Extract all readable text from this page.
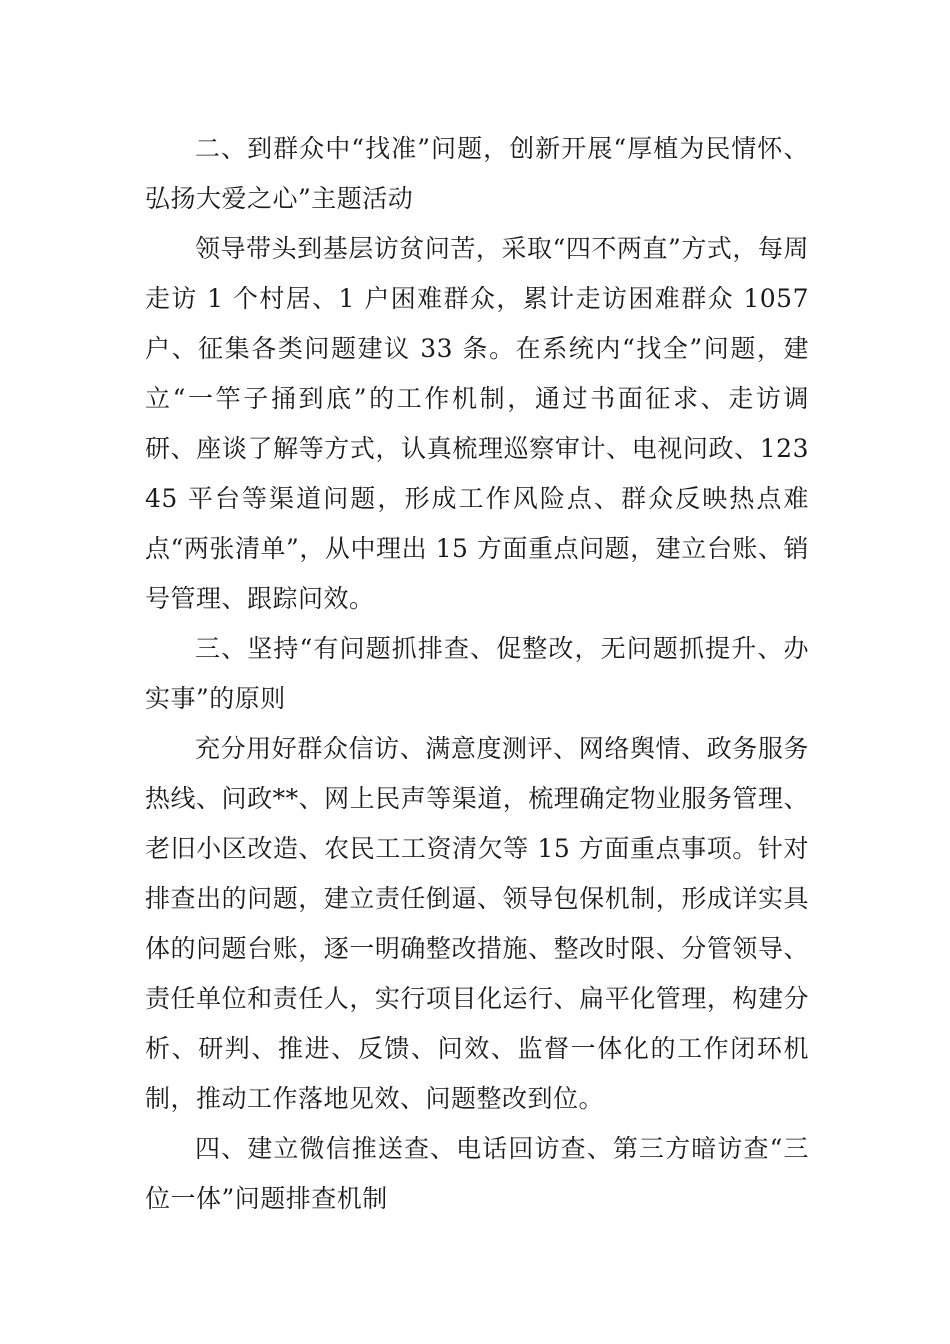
二、到群众中“找准”问题，创新开展“厚植为民情怀、弘扬大爱之心”主题活动

领导带头到基层访贫问苦，采取“四不两直”方式，每周走访 1 个村居、1 户困难群众，累计走访困难群众 1057 户、征集各类问题建议 33 条。在系统内“找全”问题，建立“一竿子捅到底”的工作机制，通过书面征求、走访调研、座谈了解等方式，认真梳理巡察审计、电视问政、12345 平台等渠道问题，形成工作风险点、群众反映热点难点“两张清单”，从中理出 15 方面重点问题，建立台账、销号管理、跟踪问效。

三、坚持“有问题抓排查、促整改，无问题抓提升、办实事”的原则

充分用好群众信访、满意度测评、网络舆情、政务服务热线、问政**、网上民声等渠道，梳理确定物业服务管理、老旧小区改造、农民工工资清欠等 15 方面重点事项。针对排查出的问题，建立责任倒逼、领导包保机制，形成详实具体的问题台账，逐一明确整改措施、整改时限、分管领导、责任单位和责任人，实行项目化运行、扁平化管理，构建分析、研判、推进、反馈、问效、监督一体化的工作闭环机制，推动工作落地见效、问题整改到位。

四、建立微信推送查、电话回访查、第三方暗访查“三位一体”问题排查机制
